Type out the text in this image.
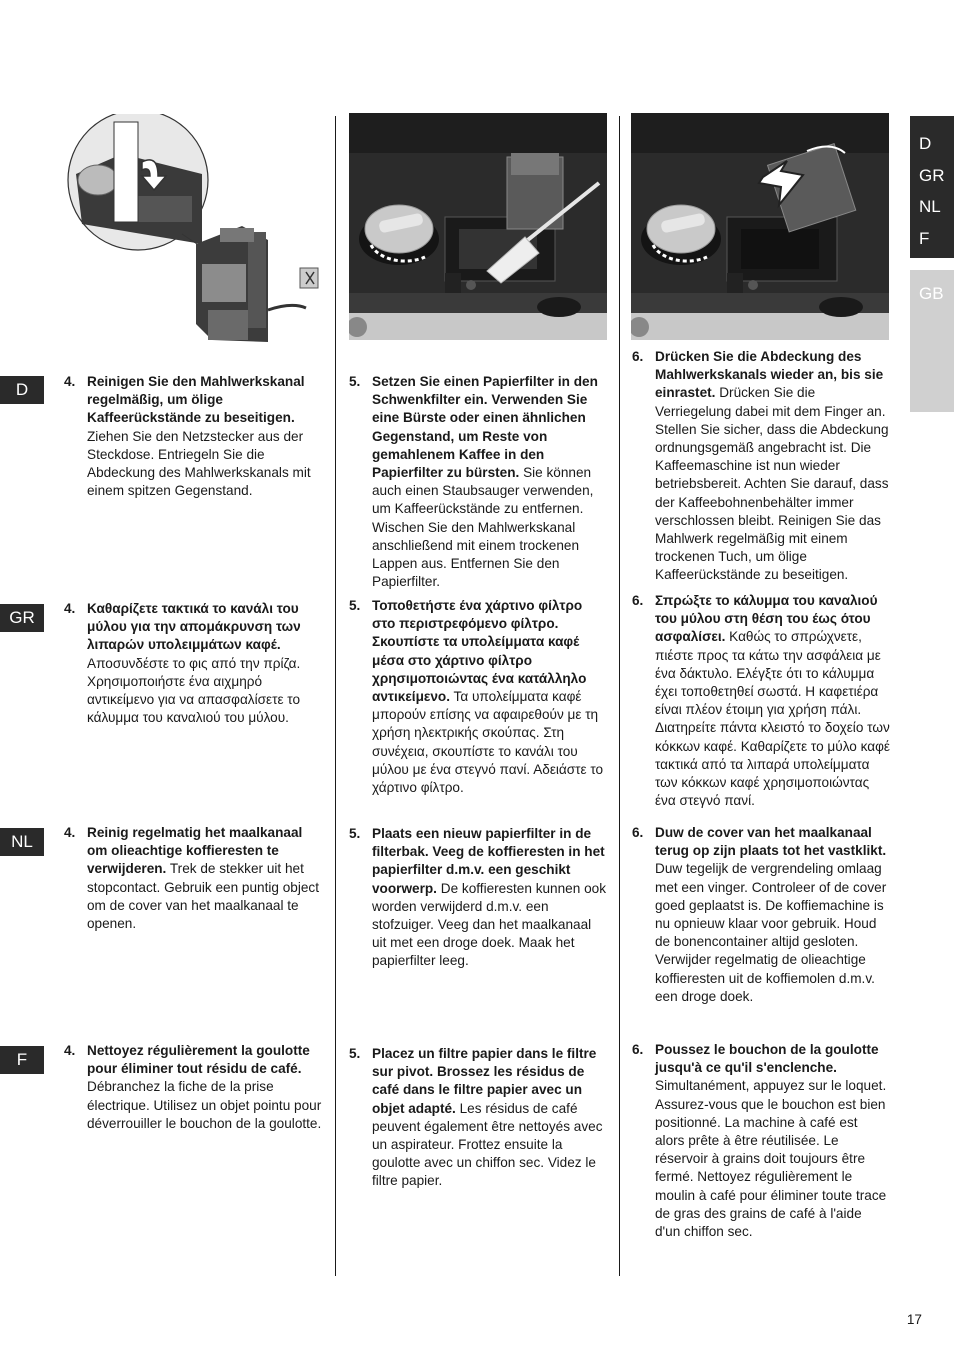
D
GR
NL
F
GB
D
GR
NL
F
4. Reinigen Sie den Mahlwerkskanal regelmäßig, um ölige Kaffeerückstände zu beseitigen. Ziehen Sie den Netzstecker aus der Steckdose. Entriegeln Sie die Abdeckung des Mahlwerkskanals mit einem spitzen Gegenstand.
5. Setzen Sie einen Papierfilter in den Schwenkfilter ein. Verwenden Sie eine Bürste oder einen ähnlichen Gegenstand, um Reste von gemahlenem Kaffee in den Papierfilter zu bürsten. Sie können auch einen Staubsauger verwenden, um Kaffeerückstände zu entfernen. Wischen Sie den Mahlwerkskanal anschließend mit einem trockenen Lappen aus. Entfernen Sie den Papierfilter.
6. Drücken Sie die Abdeckung des Mahlwerkskanals wieder an, bis sie einrastet. Drücken Sie die Verriegelung dabei mit dem Finger an. Stellen Sie sicher, dass die Abdeckung ordnungsgemäß angebracht ist. Die Kaffeemaschine ist nun wieder betriebsbereit. Achten Sie darauf, dass der Kaffeebohnenbehälter immer verschlossen bleibt. Reinigen Sie das Mahlwerk regelmäßig mit einem trockenen Tuch, um ölige Kaffeerückstände zu beseitigen.
4. Καθαρίζετε τακτικά το κανάλι του μύλου για την απομάκρυνση των λιπαρών υπολειμμάτων καφέ. Αποσυνδέστε το φις από την πρίζα. Χρησιμοποιήστε ένα αιχμηρό αντικείμενο για να απασφαλίσετε το κάλυμμα του καναλιού του μύλου.
5. Τοποθετήστε ένα χάρτινο φίλτρο στο περιστρεφόμενο φίλτρο. Σκουπίστε τα υπολείμματα καφέ μέσα στο χάρτινο φίλτρο χρησιμοποιώντας ένα κατάλληλο αντικείμενο. Τα υπολείμματα καφέ μπορούν επίσης να αφαιρεθούν με τη χρήση ηλεκτρικής σκούπας. Στη συνέχεια, σκουπίστε το κανάλι του μύλου με ένα στεγνό πανί. Αδειάστε το χάρτινο φίλτρο.
6. Σπρώξτε το κάλυμμα του καναλιού του μύλου στη θέση του έως ότου ασφαλίσει. Καθώς το σπρώχνετε, πιέστε προς τα κάτω την ασφάλεια με ένα δάκτυλο. Ελέγξτε ότι το κάλυμμα έχει τοποθετηθεί σωστά. Η καφετιέρα είναι πλέον έτοιμη για χρήση πάλι. Διατηρείτε πάντα κλειστό το δοχείο των κόκκων καφέ. Καθαρίζετε το μύλο καφέ τακτικά από τα λιπαρά υπολείμματα των κόκκων καφέ χρησιμοποιώντας ένα στεγνό πανί.
4. Reinig regelmatig het maalkanaal om olieachtige koffieresten te verwijderen. Trek de stekker uit het stopcontact. Gebruik een puntig object om de cover van het maalkanaal te openen.
5. Plaats een nieuw papierfilter in de filterbak. Veeg de koffieresten in het papierfilter d.m.v. een geschikt voorwerp. De koffieresten kunnen ook worden verwijderd d.m.v. een stofzuiger. Veeg dan het maalkanaal uit met een droge doek. Maak het papierfilter leeg.
6. Duw de cover van het maalkanaal terug op zijn plaats tot het vastklikt. Duw tegelijk de vergrendeling omlaag met een vinger. Controleer of de cover goed geplaatst is. De koffiemachine is nu opnieuw klaar voor gebruik. Houd de bonencontainer altijd gesloten. Verwijder regelmatig de olieachtige koffieresten uit de koffiemolen d.m.v. een droge doek.
4. Nettoyez régulièrement la goulotte pour éliminer tout résidu de café. Débranchez la fiche de la prise électrique. Utilisez un objet pointu pour déverrouiller le bouchon de la goulotte.
5. Placez un filtre papier dans le filtre sur pivot. Brossez les résidus de café dans le filtre papier avec un objet adapté. Les résidus de café peuvent également être nettoyés avec un aspirateur. Frottez ensuite la goulotte avec un chiffon sec. Videz le filtre papier.
6. Poussez le bouchon de la goulotte jusqu'à ce qu'il s'enclenche. Simultanément, appuyez sur le loquet. Assurez-vous que le bouchon est bien positionné. La machine à café est alors prête à être réutilisée. Le réservoir à grains doit toujours être fermé. Nettoyez régulièrement le moulin à café pour éliminer toute trace de gras des grains de café à l'aide d'un chiffon sec.
17
